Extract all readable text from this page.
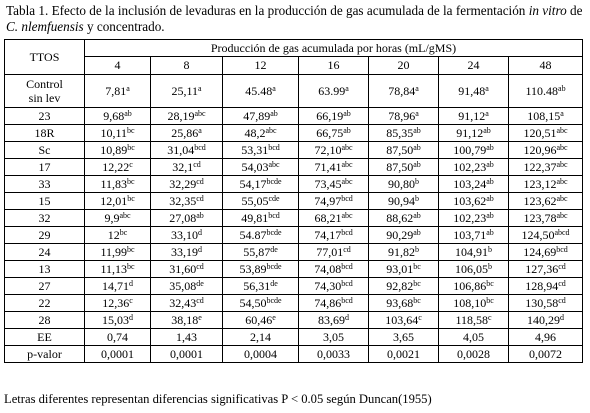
Tabla 1. Efecto de la inclusión de levaduras en la producción de gas acumulada de la fermentación in vitro de C. nlemfuensis y concentrado.

TTOS	Producción de gas acumulada por horas (mL/gMS)						
	4	8	12	16	20	24	48
Control
sin lev	7,81$^a$	25,11$^a$	45.48$^a$	63.99$^a$	78,84$^a$	91,48$^a$	110.48$^{ab}$
23	9,68$^{ab}$	28,19$^{abc}$	47,89$^{ab}$	66,19$^{ab}$	78,96$^a$	91,12$^a$	108,15$^a$
18R	10,11$^{bc}$	25,86$^a$	48,2$^{abc}$	66,75$^{ab}$	85,35$^{ab}$	91,12$^{ab}$	120,51$^{abc}$
Sc	10,89$^{bc}$	31,04$^{bcd}$	53,31$^{bcd}$	72,10$^{abc}$	87,50$^{ab}$	100,79$^{ab}$	120,96$^{abc}$
17	12,22$^c$	32,1$^{cd}$	54,03$^{abc}$	71,41$^{abc}$	87,50$^{ab}$	102,23$^{ab}$	122,37$^{abc}$
33	11,83$^{bc}$	32,29$^{cd}$	$54,17^{bcde}$	73,45$^{abc}$	90,80$^b$	103,24$^{ab}$	123,12$^{abc}$
15	12,01$^{bc}$	32,35$^{cd}$	55,05$^{cde}$	74,97$^{bcd}$	90,94$^b$	103,62$^{ab}$	123,62$^{abc}$
32	9,9$^{abc}$	27,08$^{ab}$	49,81$^{bcd}$	68,21$^{abc}$	88,62$^{ab}$	102,23$^{ab}$	123,78$^{abc}$
29	$12^{bc}$	33,10$^d$	$54.87^{bcde}$	74,17$^{bcd}$	90,29$^{ab}$	103,71$^{ab}$	$124,50^{abcd}$
24	11,99$^{bc}$	33,19$^d$	55,87de	77,01$^{cd}$	91,82$^b$	104,91$^b$	124,69$^{bcd}$
13	11,13$^{bc}$	31,60$^{cd}$	$53,89^{bcde}$	74,08$^{bcd}$	93,01$^{bc}$	106,05$^b$	127,36$^{cd}$
27	14,71$^d$	35,08de	56,31de	74,30$^{bcd}$	92,82$^{bc}$	106,86$^{bc}$	128,94$^{cd}$
22	12,36$^c$	32,43$^{cd}$	$54,50^{bcde}$	74,86$^{bcd}$	93,68$^{bc}$	108,10$^{bc}$	130,58$^{cd}$
28	15,03$^d$	38,18e	60,46e	83,69$^d$	103,64$^c$	118,58$^c$	140,29$^d$
EE	0,74	1,43	2,14	3,05	3,65	4,05	4,96
p-valor	0,0001	0,0001	0,0004	0,0033	0,0021	0,0028	0,0072

Letras diferentes representan diferencias significativas P < 0.05 según Duncan(1955)
